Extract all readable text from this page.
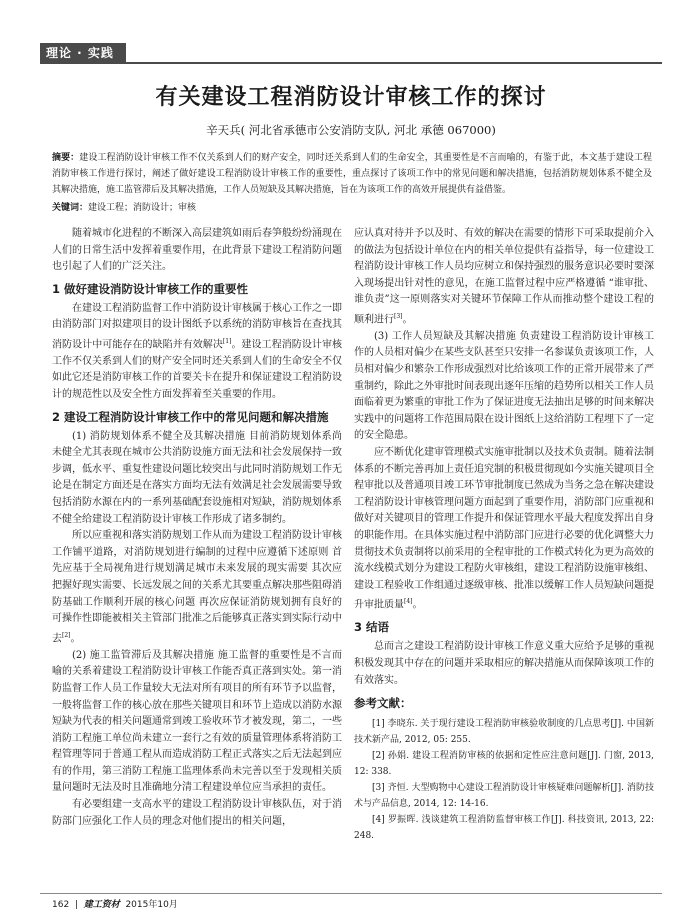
理论 · 实践
有关建设工程消防设计审核工作的探讨
辛天兵( 河北省承德市公安消防支队, 河北 承德 067000)
摘要：建设工程消防设计审核工作不仅关系到人们的财产安全，同时还关系到人们的生命安全，其重要性是不言而喻的，有鉴于此，本文基于建设工程消防审核工作进行探讨，阐述了做好建设工程消防设计审核工作的重要性，重点探讨了该项工作中的常见问题和解决措施，包括消防规划体系不健全及其解决措施，施工监管滞后及其解决措施，工作人员短缺及其解决措施，旨在为该项工作的高效开展提供有益借鉴。
关键词：建设工程；消防设计；审核

随着城市化进程的不断深入高层建筑如雨后春笋般纷纷涌现在人们的日常生活中发挥着重要作用，在此背景下建设工程消防问题也引起了人们的广泛关注。

1 做好建设消防设计审核工作的重要性

在建设工程消防监督工作中消防设计审核属于核心工作之一即由消防部门对拟建项目的设计图纸予以系统的消防审核旨在查找其消防设计中可能存在的缺陷并有效解决[1]。建设工程消防设计审核工作不仅关系到人们的财产安全同时还关系到人们的生命安全不仅如此它还是消防审核工作的首要关卡在提升和保证建设工程消防设计的规范性以及安全性方面发挥着至关重要的作用。

2 建设工程消防设计审核工作中的常见问题和解决措施

(1) 消防规划体系不健全及其解决措施 目前消防规划体系尚未健全尤其表现在城市公共消防设施方面无法和社会发展保持一致步调，低水平、重复性建设问题比较突出与此同时消防规划工作无论是在制定方面还是在落实方面均无法有效满足社会发展需要导致包括消防水源在内的一系列基础配套设施相对短缺，消防规划体系不健全给建设工程消防设计审核工作形成了诸多制约。

所以应重视和落实消防规划工作从而为建设工程消防设计审核工作铺平道路，对消防规划进行编制的过程中应遵循下述原则 首先应基于全局视角进行规划满足城市未来发展的现实需要 其次应把握好现实需要、长远发展之间的关系尤其要重点解决那些阻碍消防基础工作顺利开展的核心问题 再次应保证消防规划拥有良好的可操作性即能被相关主管部门批准之后能够真正落实到实际行动中去[2]。

(2) 施工监管滞后及其解决措施 施工监督的重要性是不言而喻的关系着建设工程消防设计审核工作能否真正落到实处。第一消防监督工作人员工作量较大无法对所有项目的所有环节予以监督，一般将监督工作的核心放在那些关键项目和环节上造成以消防水源短缺为代表的相关问题通常到竣工验收环节才被发现，第二，一些消防工程施工单位尚未建立一套行之有效的质量管理体系将消防工程管理等同于普通工程从而造成消防工程正式落实之后无法起到应有的作用，第三消防工程施工监理体系尚未完善以至于发现相关质量问题时无法及时且准确地分清工程建设单位应当承担的责任。

有必要组建一支高水平的建设工程消防设计审核队伍，对于消防部门应强化工作人员的理念对他们提出的相关问题，

应认真对待并予以及时、有效的解决在需要的情形下可采取提前介入的做法为包括设计单位在内的相关单位提供有益指导，每一位建设工程消防设计审核工作人员均应树立和保持强烈的服务意识必要时要深入现场提出针对性的意见，在施工监督过程中应严格遵循 “谁审批、谁负责”这一原则落实对关键环节保障工作从而推动整个建设工程的顺利进行[3]。

(3) 工作人员短缺及其解决措施 负责建设工程消防设计审核工作的人员相对偏少在某些支队甚至只安排一名参谋负责该项工作，人员相对偏少和繁杂工作形成强烈对比给该项工作的正常开展带来了严重制约，除此之外审批时间表现出逐年压缩的趋势所以相关工作人员面临着更为繁重的审批工作为了保证进度无法抽出足够的时间来解决实践中的问题将工作范围局限在设计图纸上这给消防工程埋下了一定的安全隐患。

应不断优化建审管理模式实施审批制以及技术负责制。随着法制体系的不断完善再加上责任追究制的积极贯彻现如今实施关键项目全程审批以及普通项目竣工环节审批制度已然成为当务之急在解决建设工程消防设计审核管理问题方面起到了重要作用，消防部门应重视和做好对关键项目的管理工作提升和保证管理水平最大程度发挥出自身的职能作用。在具体实施过程中消防部门应进行必要的优化调整大力贯彻技术负责制将以前采用的全程审批的工作模式转化为更为高效的流水线模式划分为建设工程防火审核组，建设工程消防设施审核组、建设工程验收工作组通过逐级审核、批准以缓解工作人员短缺问题提升审批质量[4]。

3 结语

总而言之建设工程消防设计审核工作意义重大应给予足够的重视积极发现其中存在的问题并采取相应的解决措施从而保障该项工作的有效落实。

参考文献：

[1] 李晓东. 关于现行建设工程消防审核验收制度的几点思考[J]. 中国新技术新产品, 2012, 05: 255.

[2] 孙娟. 建设工程消防审核的依据和定性应注意问题[J]. 门窗, 2013, 12: 338.

[3] 齐恒. 大型购物中心建设工程消防设计审核疑难问题解析[J]. 消防技术与产品信息, 2014, 12: 14-16.

[4] 罗振晖. 浅谈建筑工程消防监督审核工作[J]. 科技资讯, 2013, 22: 248.

162 | 建工资材 2015年10月
